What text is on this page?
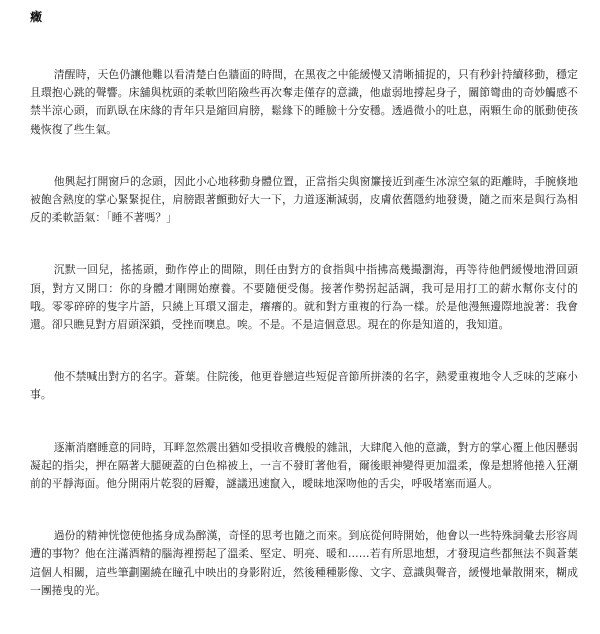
癥

清醒時，天色仍讓他難以看清楚白色牆面的時間，在黑夜之中能緩慢又清晰捕捉的，只有秒針持續移動，穩定且環抱心跳的聲響。床舖與枕頭的柔軟凹陷險些再次奪走僅存的意識，他虛弱地撐起身子，關節彎曲的奇妙觸感不禁半涼心頭，而趴臥在床緣的青年只是縮回肩膀，鬆緣下的睡臉十分安穩。透過微小的吐息，兩顆生命的脈動使孩幾恢復了些生氣。

他興起打開窗戶的念頭，因此小心地移動身體位置，正當指尖與窗簾接近到產生冰涼空氣的距離時，手腕倏地被飽含熱度的掌心緊緊捉住，肩膀跟著顫動好大一下，力道逐漸減弱，皮膚依舊隱約地發燙，隨之而來是與行為相反的柔軟語氣：「睡不著嗎？」

沉默一回兒，搖搖頭，動作停止的間隙，則任由對方的食指與中指拂高幾撮瀏海，再等待他們緩慢地滑回頭頂，對方又開口：你的身體才剛開始療養。不要隨便受傷。接著作勢拐起話調，我可是用打工的薪水幫你支付的哦。零零碎碎的隻字片語，只繞上耳環又溜走，癢癢的。就和對方重複的行為一樣。於是他漫無邊際地說著：我會還。卻只瞧見對方眉頭深鎖，受挫而噢息。唉。不是。不是這個意思。現在的你是知道的，我知道。

他不禁喊出對方的名字。蒼葉。住院後，他更眷戀這些短促音節所拼湊的名字，熱愛重複地令人乏味的芝麻小事。

逐漸消磨睡意的同時，耳畔忽然震出猶如受損收音機般的雜訊，大肆爬入他的意識，對方的掌心覆上他因懸弱凝起的指尖，押在隔著大腿硬蓋的白色棉被上，一言不發盯著他看，爾後眼神變得更加溫柔，像是想將他捲入狂潮前的平靜海面。他分開兩片乾裂的唇瓣，謎議迅速竄入，曖昧地深吻他的舌尖，呼吸堵塞而逼人。

過份的精神恍惚使他搖身成為醉漢，奇怪的思考也隨之而來。到底從何時開始，他會以一些特殊詞彙去形容周遭的事物？他在注滿酒精的腦海裡撈起了溫柔、堅定、明亮、暖和……若有所思地想，才發現這些都無法不與蒼葉這個人相關，這些筆劃圍繞在瞳孔中映出的身影附近，然後種種影像、文字、意識與聲音，緩慢地暈散開來，糊成一團捲曳的光。
